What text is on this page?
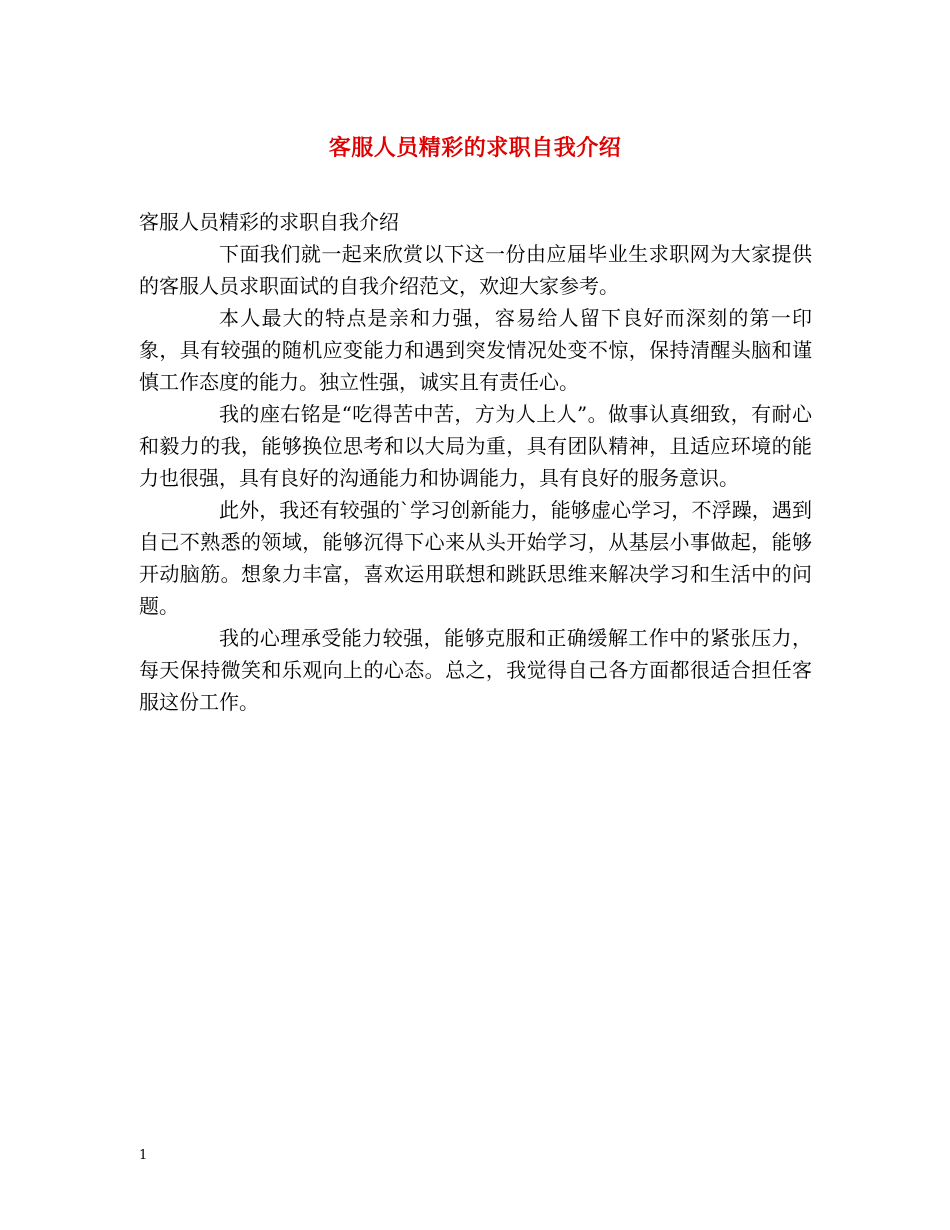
客服人员精彩的求职自我介绍

客服人员精彩的求职自我介绍

下面我们就一起来欣赏以下这一份由应届毕业生求职网为大家提供的客服人员求职面试的自我介绍范文，欢迎大家参考。

本人最大的特点是亲和力强，容易给人留下良好而深刻的第一印象，具有较强的随机应变能力和遇到突发情况处变不惊，保持清醒头脑和谨慎工作态度的能力。独立性强，诚实且有责任心。

我的座右铭是“吃得苦中苦，方为人上人”。做事认真细致，有耐心和毅力的我，能够换位思考和以大局为重，具有团队精神，且适应环境的能力也很强，具有良好的沟通能力和协调能力，具有良好的服务意识。

此外，我还有较强的`学习创新能力，能够虚心学习，不浮躁，遇到自己不熟悉的领域，能够沉得下心来从头开始学习，从基层小事做起，能够开动脑筋。想象力丰富，喜欢运用联想和跳跃思维来解决学习和生活中的问题。

我的心理承受能力较强，能够克服和正确缓解工作中的紧张压力，每天保持微笑和乐观向上的心态。总之，我觉得自己各方面都很适合担任客服这份工作。

1
